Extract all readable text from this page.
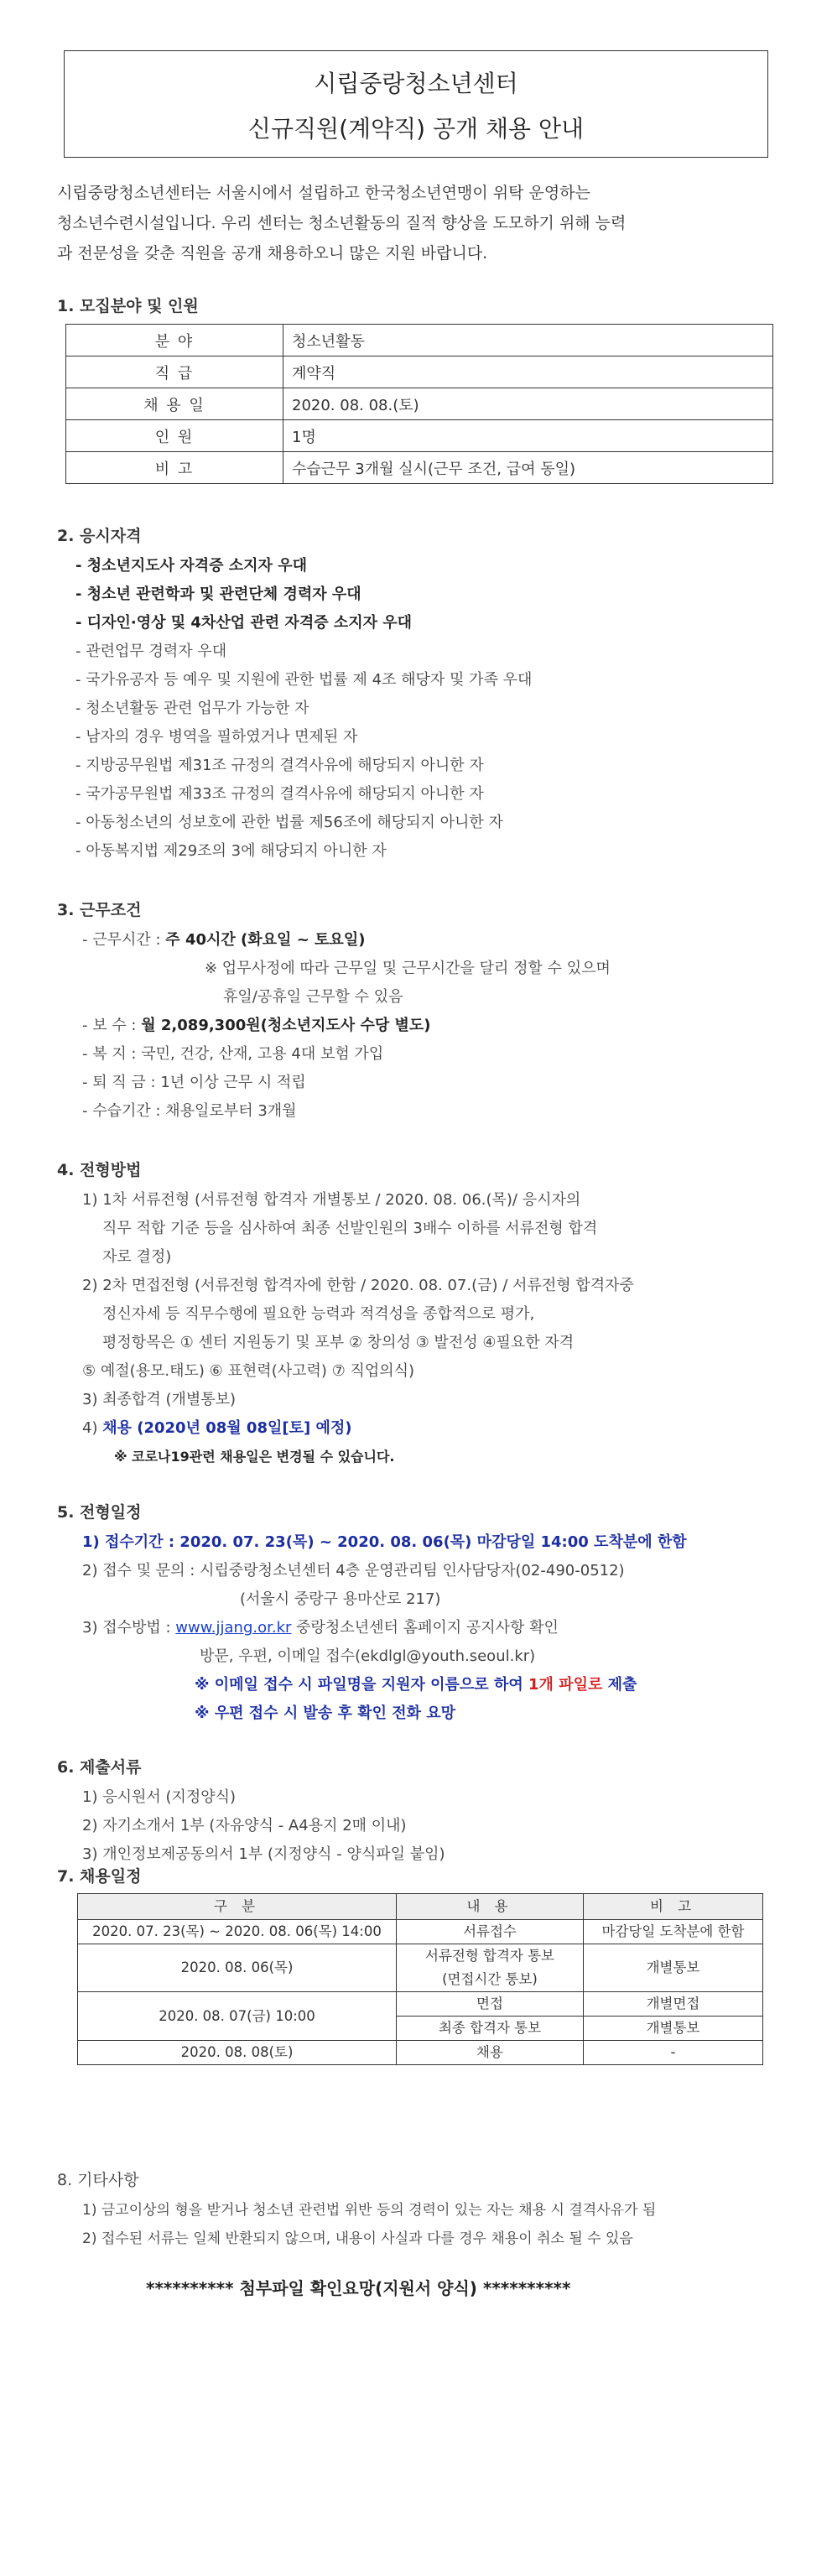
시립중랑청소년센터
신규직원(계약직) 공개 채용 안내
시립중랑청소년센터는 서울시에서 설립하고 한국청소년연맹이 위탁 운영하는
청소년수련시설입니다. 우리 센터는 청소년활동의 질적 향상을 도모하기 위해 능력
과 전문성을 갖춘 직원을 공개 채용하오니 많은 지원 바랍니다.
1. 모집분야 및 인원
분 야	청소년활동
직 급	계약직
채 용 일	2020. 08. 08.(토)
인 원	1명
비 고	수습근무 3개월 실시(근무 조건, 급여 동일)
2. 응시자격
- 청소년지도사 자격증 소지자 우대
- 청소년 관련학과 및 관련단체 경력자 우대
- 디자인·영상 및 4차산업 관련 자격증 소지자 우대
- 관련업무 경력자 우대
- 국가유공자 등 예우 및 지원에 관한 법률 제 4조 해당자 및 가족 우대
- 청소년활동 관련 업무가 가능한 자
- 남자의 경우 병역을 필하였거나 면제된 자
- 지방공무원법 제31조 규정의 결격사유에 해당되지 아니한 자
- 국가공무원법 제33조 규정의 결격사유에 해당되지 아니한 자
- 아동청소년의 성보호에 관한 법률 제56조에 해당되지 아니한 자
- 아동복지법 제29조의 3에 해당되지 아니한 자
3. 근무조건
- 근무시간 : 주 40시간 (화요일 ~ 토요일)
※ 업무사정에 따라 근무일 및 근무시간을 달리 정할 수 있으며
휴일/공휴일 근무할 수 있음
- 보 수 : 월 2,089,300원(청소년지도사 수당 별도)
- 복 지 : 국민, 건강, 산재, 고용 4대 보험 가입
- 퇴 직 금 : 1년 이상 근무 시 적립
- 수습기간 : 채용일로부터 3개월
4. 전형방법
1) 1차 서류전형 (서류전형 합격자 개별통보 / 2020. 08. 06.(목)/ 응시자의
직무 적합 기준 등을 심사하여 최종 선발인원의 3배수 이하를 서류전형 합격
자로 결정)
2) 2차 면접전형 (서류전형 합격자에 한함 / 2020. 08. 07.(금) / 서류전형 합격자중
정신자세 등 직무수행에 필요한 능력과 적격성을 종합적으로 평가,
평정항목은 ① 센터 지원동기 및 포부 ② 창의성 ③ 발전성 ④필요한 자격
⑤ 예절(용모.태도) ⑥ 표현력(사고력) ⑦ 직업의식)
3) 최종합격 (개별통보)
4) 채용 (2020년 08월 08일[토] 예정)
※ 코로나19관련 채용일은 변경될 수 있습니다.
5. 전형일정
1) 접수기간 : 2020. 07. 23(목) ~ 2020. 08. 06(목) 마감당일 14:00 도착분에 한함
2) 접수 및 문의 : 시립중랑청소년센터 4층 운영관리팀 인사담당자(02-490-0512)
(서울시 중랑구 용마산로 217)
3) 접수방법 : www.jjang.or.kr 중랑청소년센터 홈페이지 공지사항 확인
방문, 우편, 이메일 접수(ekdlgl@youth.seoul.kr)
※ 이메일 접수 시 파일명을 지원자 이름으로 하여 1개 파일로 제출
※ 우편 접수 시 발송 후 확인 전화 요망
6. 제출서류
1) 응시원서 (지정양식)
2) 자기소개서 1부 (자유양식 - A4용지 2매 이내)
3) 개인정보제공동의서 1부 (지정양식 - 양식파일 붙임)
7. 채용일정
구 분	내 용	비 고
2020. 07. 23(목) ~ 2020. 08. 06(목) 14:00	서류접수	마감당일 도착분에 한함
2020. 08. 06(목)	서류전형 합격자 통보
(면접시간 통보)	개별통보
2020. 08. 07(금) 10:00	면접	개별면접
	최종 합격자 통보	개별통보
2020. 08. 08(토)	채용	-
8. 기타사항
1) 금고이상의 형을 받거나 청소년 관련법 위반 등의 경력이 있는 자는 채용 시 결격사유가 됨
2) 접수된 서류는 일체 반환되지 않으며, 내용이 사실과 다를 경우 채용이 취소 될 수 있음
********** 첨부파일 확인요망(지원서 양식) **********
